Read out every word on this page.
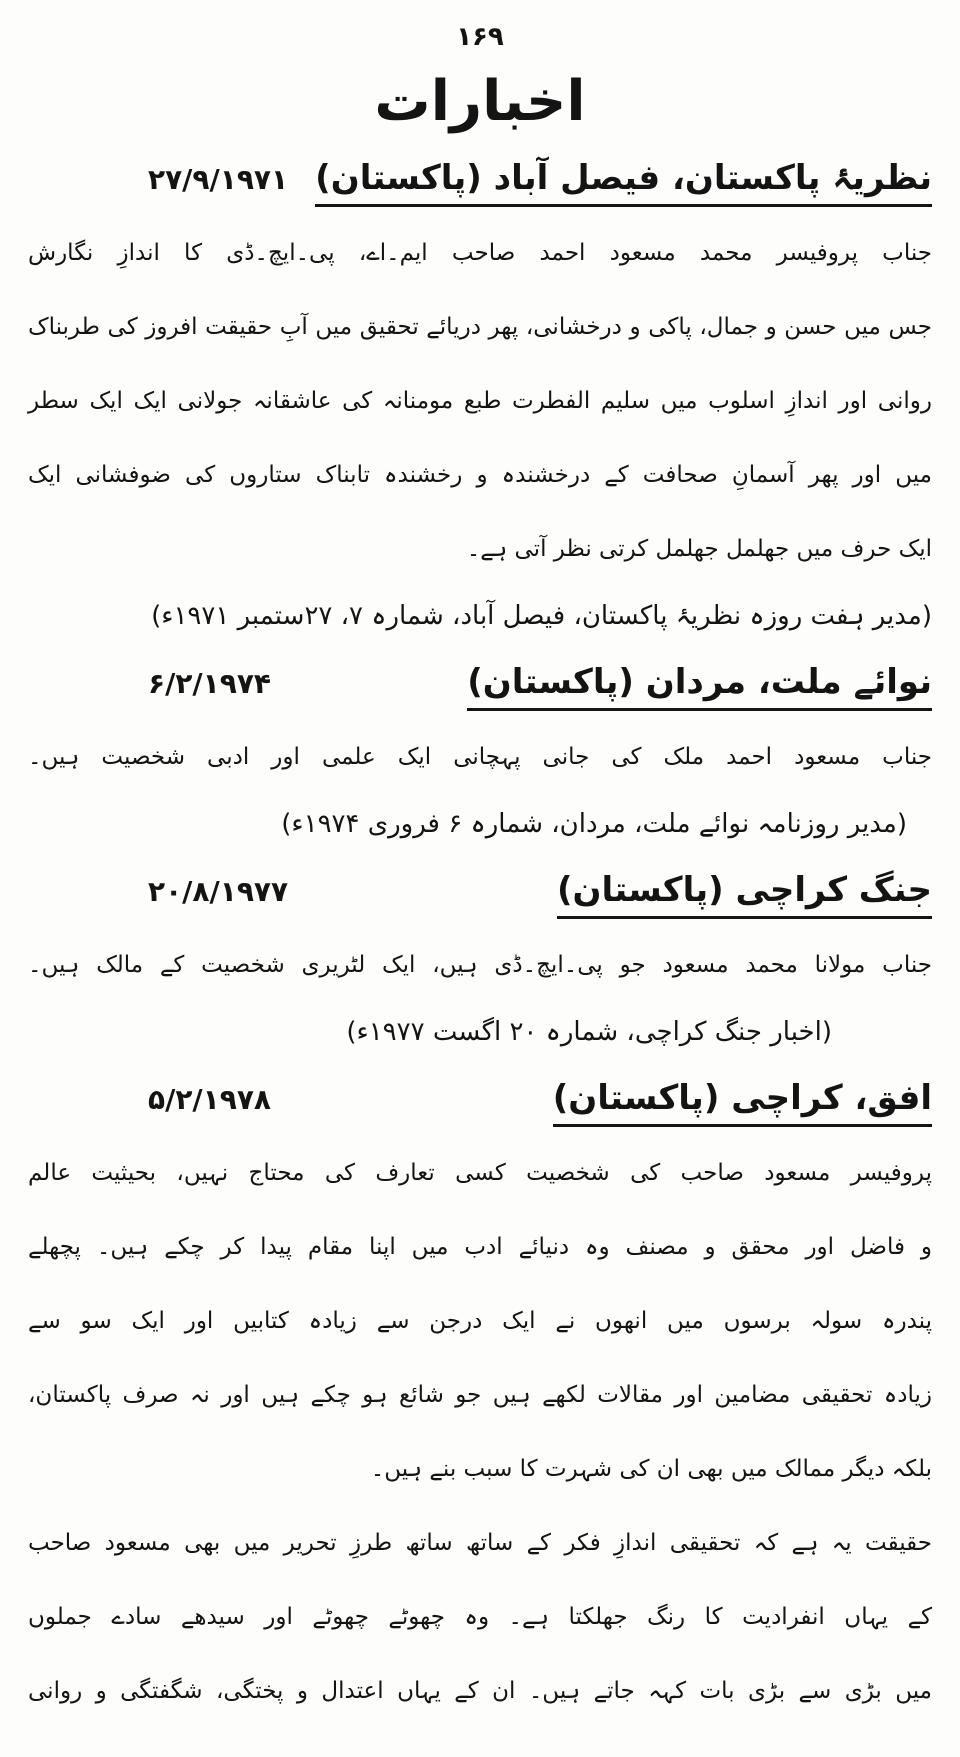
۱۶۹
اخبارات
نظریۂ پاکستان، فیصل آباد (پاکستان)
۲۷/۹/۱۹۷۱
جناب پروفیسر محمد مسعود احمد صاحب ایم۔اے، پی۔ایچ۔ڈی کا اندازِ نگارش
جس میں حسن و جمال، پاکی و درخشانی، پھر دریائے تحقیق میں آبِ حقیقت افروز کی طربناک
روانی اور اندازِ اسلوب میں سلیم الفطرت طبع مومنانہ کی عاشقانہ جولانی ایک ایک سطر
میں اور پھر آسمانِ صحافت کے درخشندہ و رخشندہ تابناک ستاروں کی ضوفشانی ایک
ایک حرف میں جھلمل جھلمل کرتی نظر آتی ہے۔
(مدیر ہفت روزہ نظریۂ پاکستان، فیصل آباد، شمارہ ۷، ۲۷ستمبر ۱۹۷۱ء)
نوائے ملت، مردان (پاکستان)
۶/۲/۱۹۷۴
جناب مسعود احمد ملک کی جانی پہچانی ایک علمی اور ادبی شخصیت ہیں۔
(مدیر روزنامہ نوائے ملت، مردان، شمارہ ۶ فروری ۱۹۷۴ء)
جنگ کراچی (پاکستان)
۲۰/۸/۱۹۷۷
جناب مولانا محمد مسعود جو پی۔ایچ۔ڈی ہیں، ایک لٹریری شخصیت کے مالک ہیں۔
(اخبار جنگ کراچی، شمارہ ۲۰ اگست ۱۹۷۷ء)
افق، کراچی (پاکستان)
۵/۲/۱۹۷۸
پروفیسر مسعود صاحب کی شخصیت کسی تعارف کی محتاج نہیں، بحیثیت عالم
و فاضل اور محقق و مصنف وہ دنیائے ادب میں اپنا مقام پیدا کر چکے ہیں۔ پچھلے
پندرہ سولہ برسوں میں انھوں نے ایک درجن سے زیادہ کتابیں اور ایک سو سے
زیادہ تحقیقی مضامین اور مقالات لکھے ہیں جو شائع ہو چکے ہیں اور نہ صرف پاکستان،
بلکہ دیگر ممالک میں بھی ان کی شہرت کا سبب بنے ہیں۔
حقیقت یہ ہے کہ تحقیقی اندازِ فکر کے ساتھ ساتھ طرزِ تحریر میں بھی مسعود صاحب
کے یہاں انفرادیت کا رنگ جھلکتا ہے۔ وہ چھوٹے چھوٹے اور سیدھے سادے جملوں
میں بڑی سے بڑی بات کہہ جاتے ہیں۔ ان کے یہاں اعتدال و پختگی، شگفتگی و روانی
